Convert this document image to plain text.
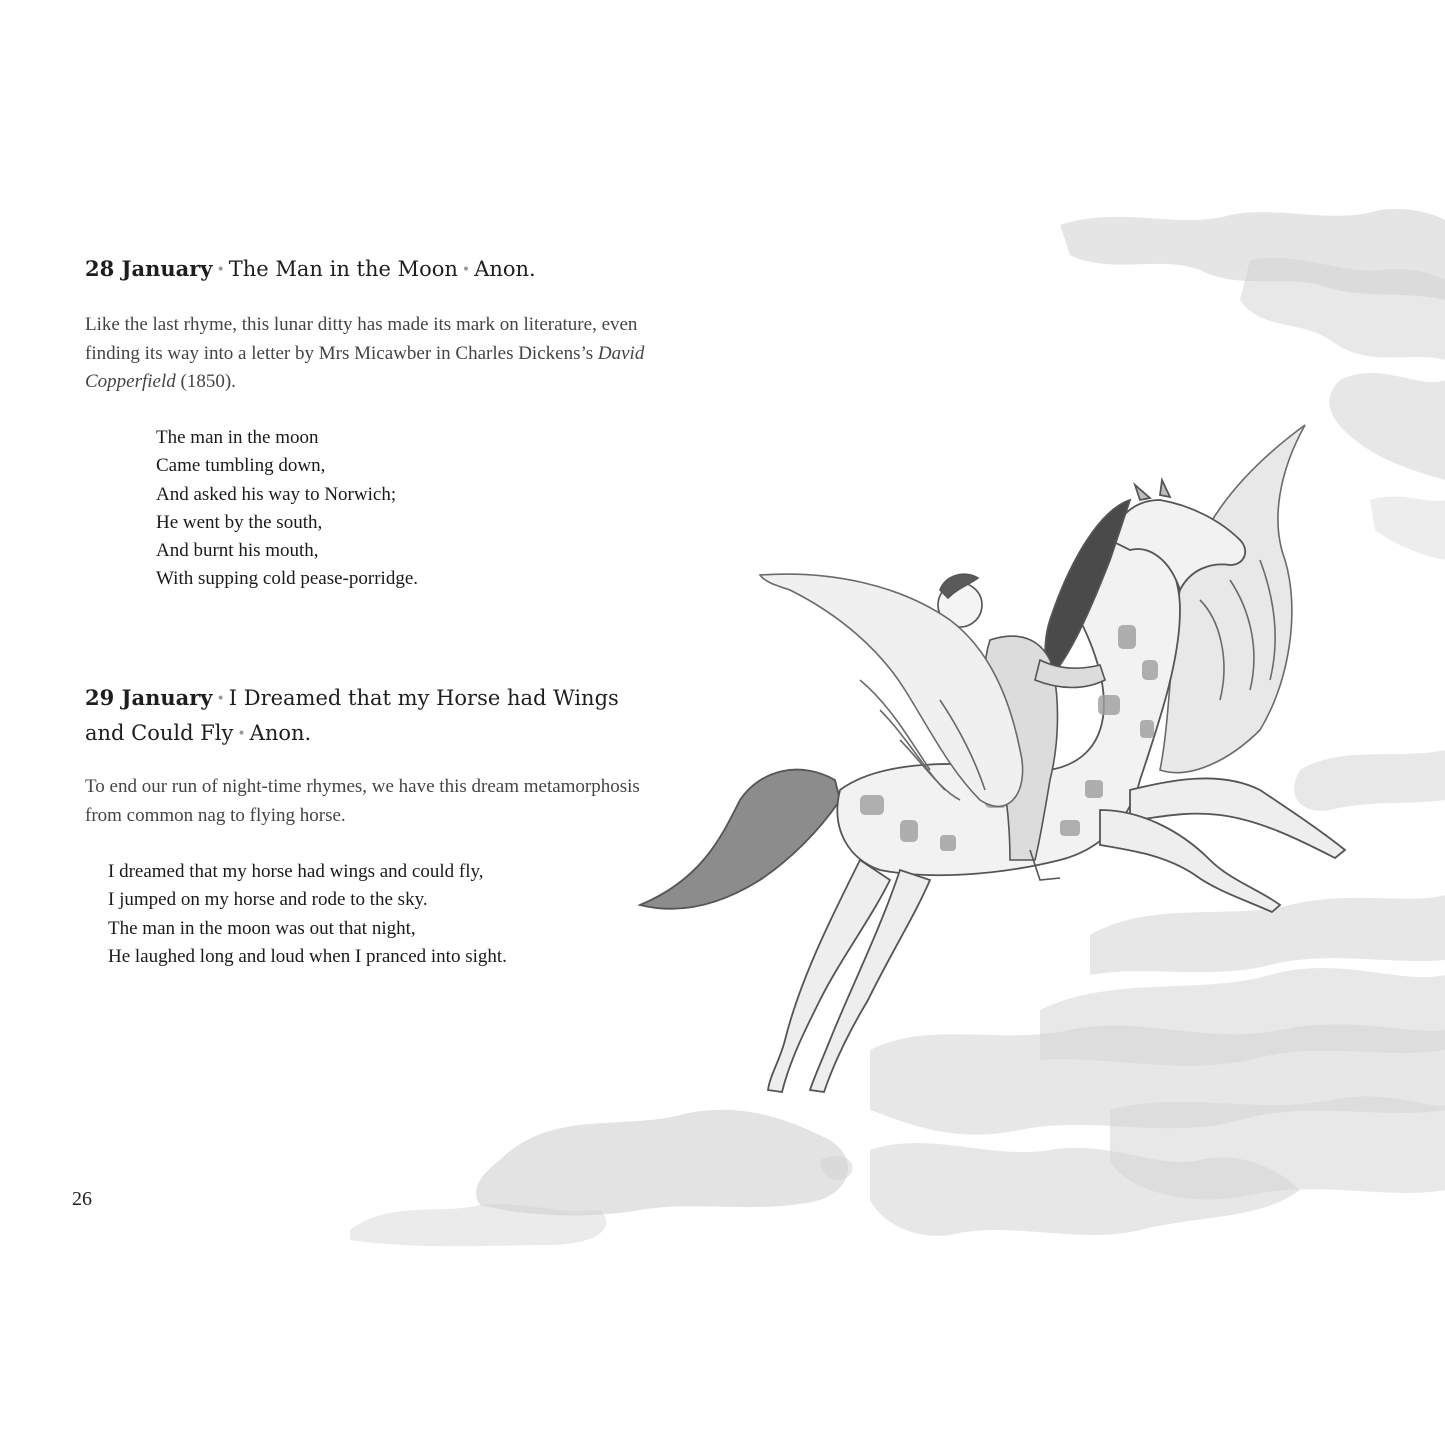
28 January • The Man in the Moon • Anon.

Like the last rhyme, this lunar ditty has made its mark on literature, even finding its way into a letter by Mrs Micawber in Charles Dickens’s David Copperfield (1850).

The man in the moon
Came tumbling down,
And asked his way to Norwich;
He went by the south,
And burnt his mouth,
With supping cold pease-porridge.
29 January • I Dreamed that my Horse had Wings and Could Fly • Anon.

To end our run of night-time rhymes, we have this dream metamorphosis from common nag to flying horse.

I dreamed that my horse had wings and could fly,
I jumped on my horse and rode to the sky.
The man in the moon was out that night,
He laughed long and loud when I pranced into sight.
26
